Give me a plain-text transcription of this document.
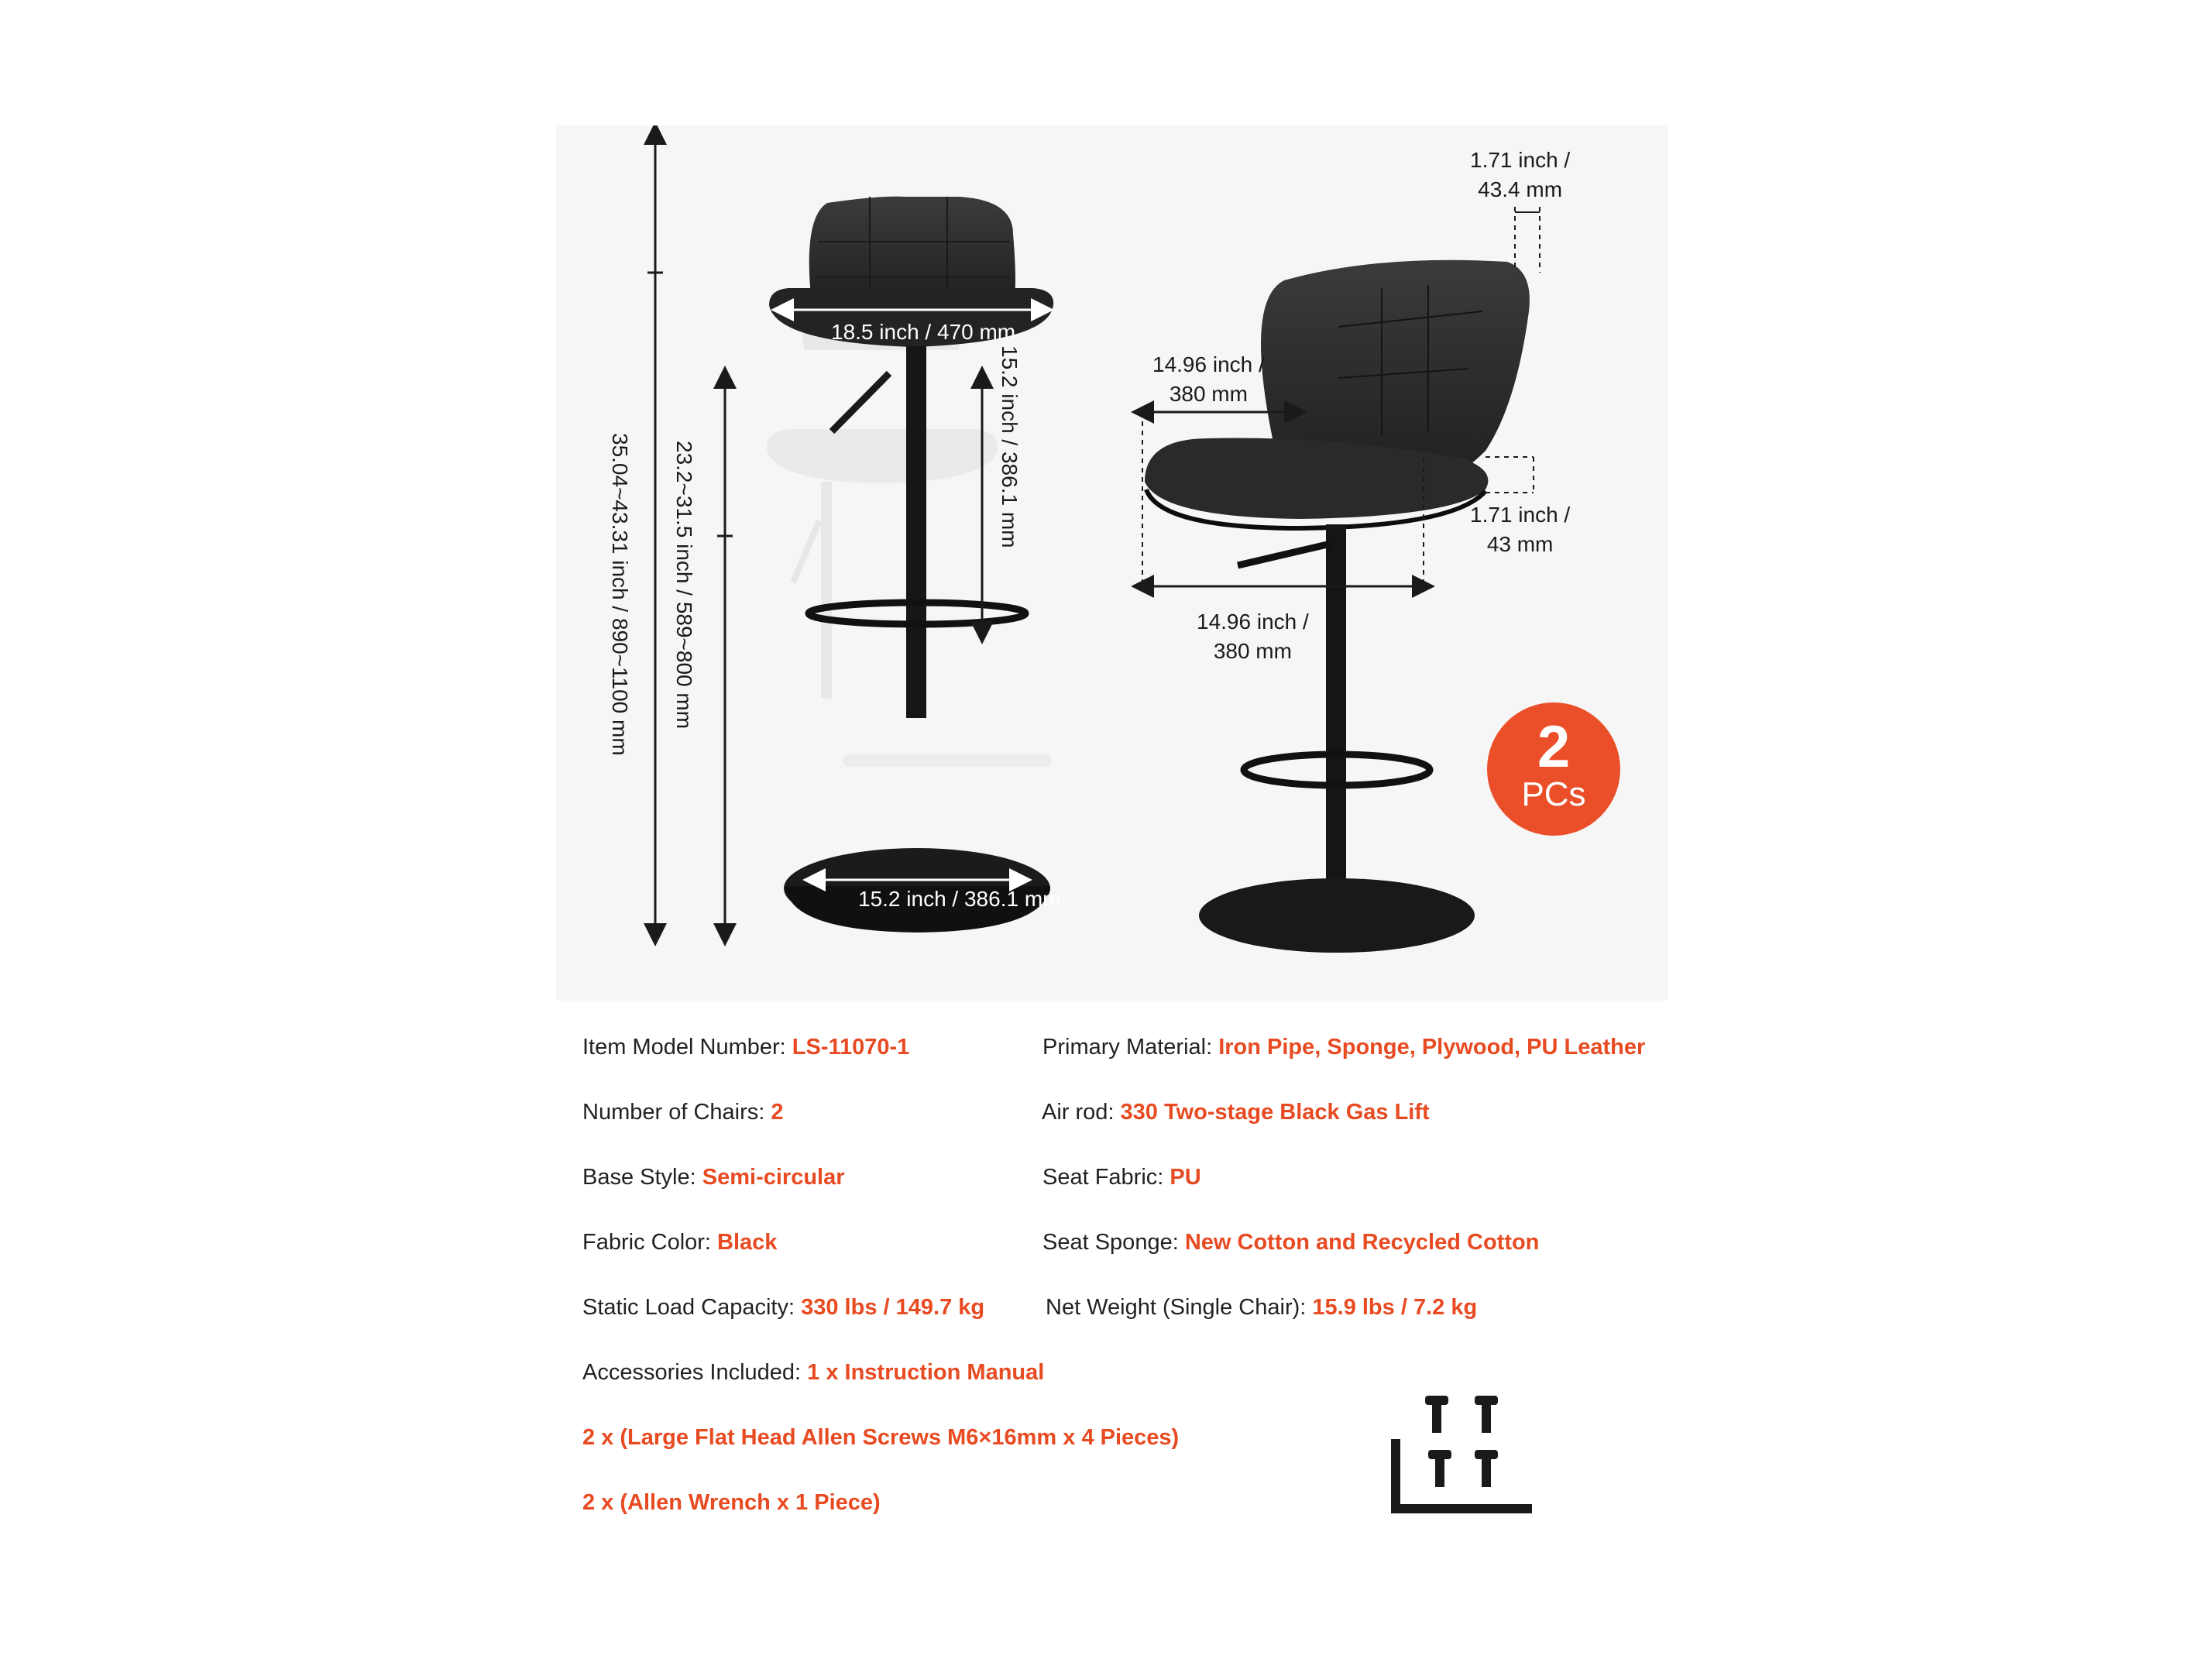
18.5 inch / 470 mm
15.2 inch / 386.1 mm
35.04~43.31 inch / 890~1100 mm 23.2~31.5 inch / 589~800 mm	15.2 inch / 386.1 mm
1.71 inch /
43.4 mm
14.96 inch /
380 mm
14.96 inch /
380 mm
1.71 inch /
43 mm
2
PCs
Item Model Number: LS-11070-1	Primary Material: Iron Pipe, Sponge, Plywood, PU Leather
Number of Chairs: 2	Air rod: 330 Two-stage Black Gas Lift
Base Style: Semi-circular	Seat Fabric: PU
Fabric Color: Black	Seat Sponge: New Cotton and Recycled Cotton
Static Load Capacity: 330 lbs / 149.7 kg	Net Weight (Single Chair): 15.9 lbs / 7.2 kg
Accessories Included: 1 x Instruction Manual
2 x (Large Flat Head Allen Screws M6×16mm x 4 Pieces)
2 x (Allen Wrench x 1 Piece)
